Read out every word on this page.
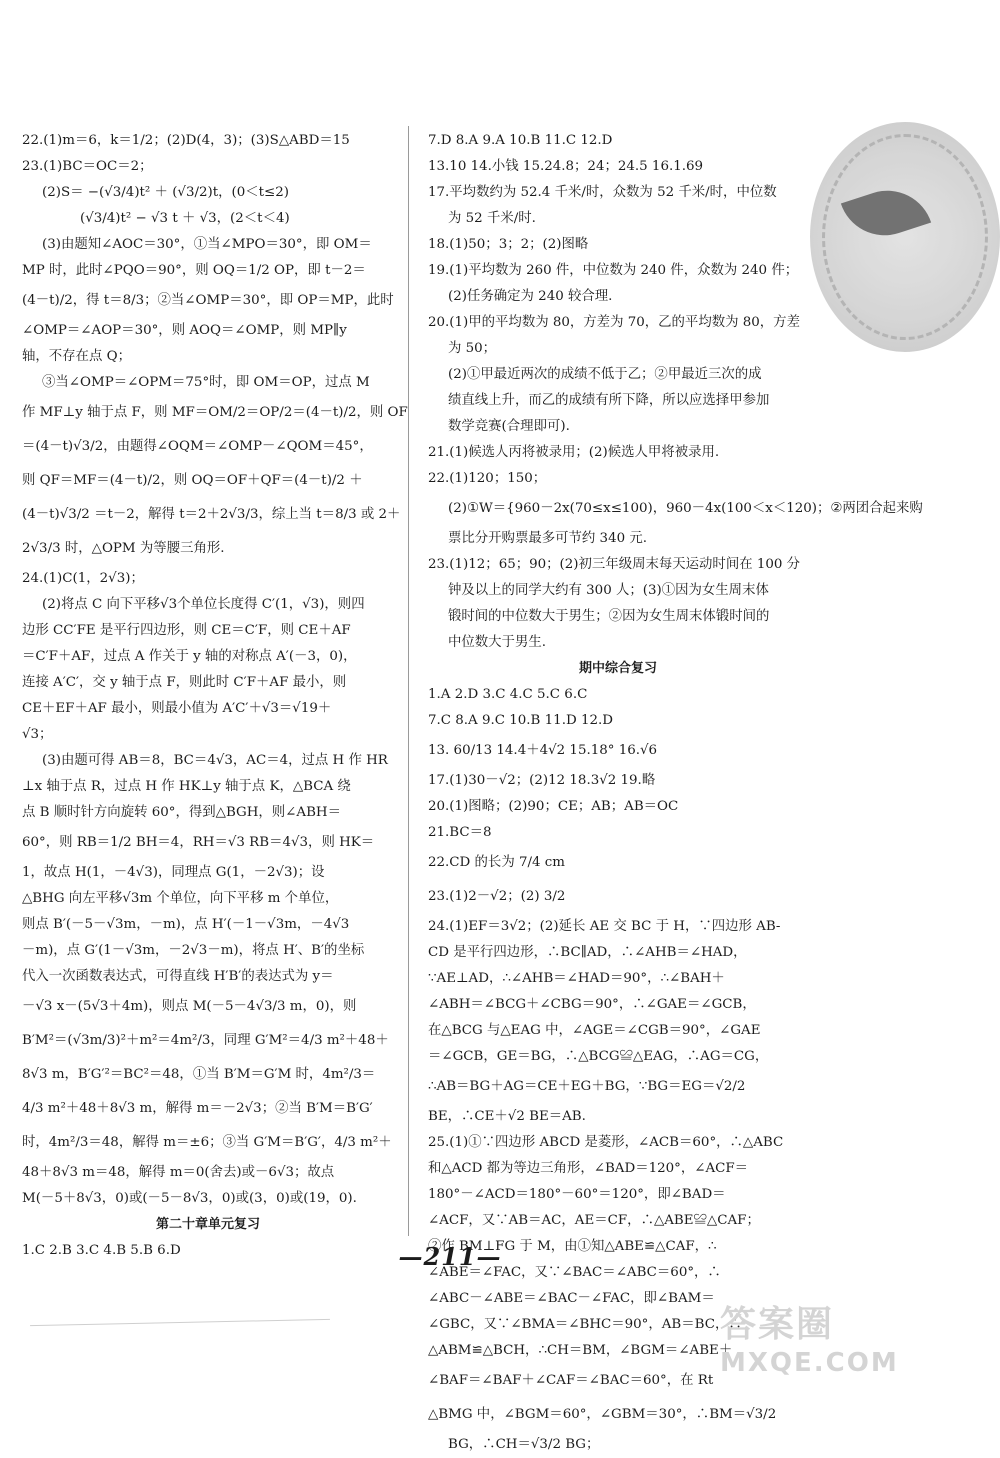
22.(1)m＝6，k＝1/2；(2)D(4，3)；(3)S△ABD＝15
23.(1)BC＝OC＝2；
(2)S＝ −(√3/4)t² ＋ (√3/2)t，(0＜t≤2)
(√3/4)t² − √3 t ＋ √3，(2＜t＜4)
(3)由题知∠AOC＝30°，①当∠MPO＝30°，即 OM＝
MP 时，此时∠PQO＝90°，则 OQ＝1/2 OP，即 t－2＝
(4－t)/2，得 t＝8/3；②当∠OMP＝30°，即 OP＝MP，此时
∠OMP＝∠AOP＝30°，则 AOQ＝∠OMP，则 MP∥y
轴，不存在点 Q；
③当∠OMP＝∠OPM＝75°时，即 OM＝OP，过点 M
作 MF⊥y 轴于点 F，则 MF＝OM/2＝OP/2＝(4－t)/2，则 OF
＝(4－t)√3/2，由题得∠OQM＝∠OMP－∠QOM＝45°，
则 QF＝MF＝(4－t)/2，则 OQ＝OF＋QF＝(4－t)/2 ＋
(4－t)√3/2 ＝t－2，解得 t＝2＋2√3/3，综上当 t＝8/3 或 2＋
2√3/3 时，△OPM 为等腰三角形.
24.(1)C(1，2√3)；
(2)将点 C 向下平移√3个单位长度得 C′(1，√3)，则四
边形 CC′FE 是平行四边形，则 CE＝C′F，则 CE＋AF
＝C′F＋AF，过点 A 作关于 y 轴的对称点 A′(－3，0)，
连接 A′C′，交 y 轴于点 F，则此时 C′F＋AF 最小，则
CE＋EF＋AF 最小，则最小值为 A′C′＋√3＝√19＋
√3；
(3)由题可得 AB＝8，BC＝4√3，AC＝4，过点 H 作 HR
⊥x 轴于点 R，过点 H 作 HK⊥y 轴于点 K，△BCA 绕
点 B 顺时针方向旋转 60°，得到△BGH，则∠ABH＝
60°，则 RB＝1/2 BH＝4，RH＝√3 RB＝4√3，则 HK＝
1，故点 H(1，－4√3)，同理点 G(1，－2√3)；设
△BHG 向左平移√3m 个单位，向下平移 m 个单位，
则点 B′(－5－√3m，－m)，点 H′(－1－√3m，－4√3
－m)，点 G′(1－√3m，－2√3－m)，将点 H′、B′的坐标
代入一次函数表达式，可得直线 H′B′的表达式为 y＝
－√3 x－(5√3＋4m)，则点 M(－5－4√3/3 m，0)，则
B′M²＝(√3m/3)²＋m²＝4m²/3，同理 G′M²＝4/3 m²＋48＋
8√3 m，B′G′²＝BC²＝48，①当 B′M＝G′M 时，4m²/3＝
4/3 m²＋48＋8√3 m，解得 m＝－2√3；②当 B′M＝B′G′
时，4m²/3＝48，解得 m＝±6；③当 G′M＝B′G′，4/3 m²＋
48＋8√3 m＝48，解得 m＝0(舍去)或－6√3；故点
M(－5＋8√3，0)或(－5－8√3，0)或(3，0)或(19，0).
第二十章单元复习
1.C 2.B 3.C 4.B 5.B 6.D
7.D 8.A 9.A 10.B 11.C 12.D
13.10 14.小钱 15.24.8；24；24.5 16.1.69
17.平均数约为 52.4 千米/时，众数为 52 千米/时，中位数
为 52 千米/时.
18.(1)50；3；2；(2)图略
19.(1)平均数为 260 件，中位数为 240 件，众数为 240 件；
(2)任务确定为 240 较合理.
20.(1)甲的平均数为 80，方差为 70，乙的平均数为 80，方差
为 50；
(2)①甲最近两次的成绩不低于乙；②甲最近三次的成
绩直线上升，而乙的成绩有所下降，所以应选择甲参加
数学竞赛(合理即可).
21.(1)候选人丙将被录用；(2)候选人甲将被录用.
22.(1)120；150；
(2)①W＝{960－2x(70≤x≤100)，960－4x(100＜x＜120)；②两团合起来购
票比分开购票最多可节约 340 元.
23.(1)12；65；90；(2)初三年级周末每天运动时间在 100 分
钟及以上的同学大约有 300 人；(3)①因为女生周末体
锻时间的中位数大于男生；②因为女生周末体锻时间的
中位数大于男生.
期中综合复习
1.A 2.D 3.C 4.C 5.C 6.C
7.C 8.A 9.C 10.B 11.D 12.D
13. 60/13 14.4＋4√2 15.18° 16.√6
17.(1)30－√2；(2)12 18.3√2 19.略
20.(1)图略；(2)90；CE；AB；AB＝OC
21.BC＝8
22.CD 的长为 7/4 cm
23.(1)2－√2；(2) 3/2
24.(1)EF＝3√2；(2)延长 AE 交 BC 于 H，∵四边形 AB-
CD 是平行四边形，∴BC∥AD，∴∠AHB＝∠HAD，
∵AE⊥AD，∴∠AHB＝∠HAD＝90°，∴∠BAH＋
∠ABH＝∠BCG＋∠CBG＝90°，∴∠GAE＝∠GCB，
在△BCG 与△EAG 中，∠AGE＝∠CGB＝90°，∠GAE
＝∠GCB，GE＝BG，∴△BCG≌△EAG，∴AG＝CG，
∴AB＝BG＋AG＝CE＋EG＋BG，∵BG＝EG＝√2/2
BE，∴CE＋√2 BE＝AB.
25.(1)①∵四边形 ABCD 是菱形，∠ACB＝60°，∴△ABC
和△ACD 都为等边三角形，∠BAD＝120°，∠ACF＝
180°－∠ACD＝180°－60°＝120°，即∠BAD＝
∠ACF，又∵AB＝AC，AE＝CF，∴△ABE≌△CAF；
②作 BM⊥FG 于 M，由①知△ABE≌△CAF，∴
∠ABE＝∠FAC，又∵∠BAC＝∠ABC＝60°，∴
∠ABC－∠ABE＝∠BAC－∠FAC，即∠BAM＝
∠GBC，又∵∠BMA＝∠BHC＝90°，AB＝BC，∴
△ABM≌△BCH，∴CH＝BM，∠BGM＝∠ABE＋
∠BAF＝∠BAF＋∠CAF＝∠BAC＝60°，在 Rt
△BMG 中，∠BGM＝60°，∠GBM＝30°，∴BM＝√3/2
BG，∴CH＝√3/2 BG；
—211—
答案圈
MXQE.COM
